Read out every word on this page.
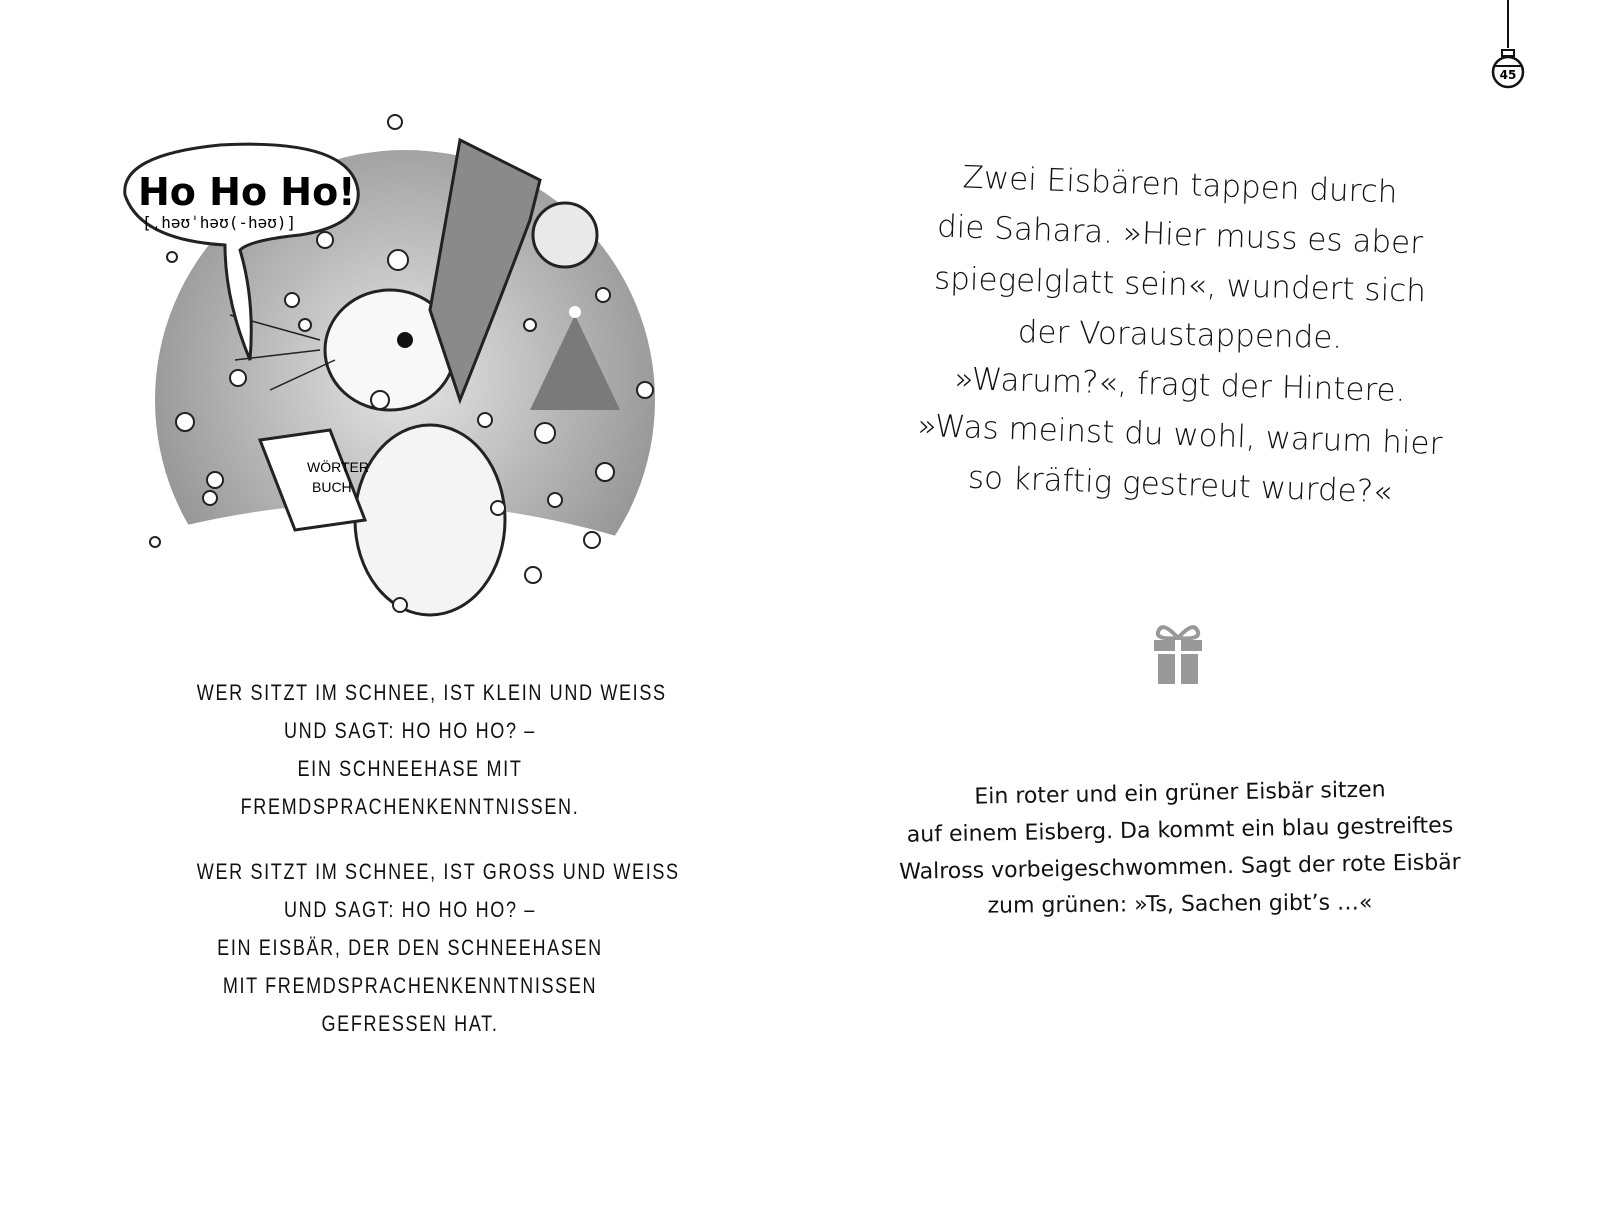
45
WÖRTER
BUCH
Ho Ho Ho!
[ˌhəʊˈhəʊ(-həʊ)]
WER SITZT IM SCHNEE, IST KLEIN UND WEISS
UND SAGT: HO HO HO? –
EIN SCHNEEHASE MIT
FREMDSPRACHENKENNTNISSEN.
WER SITZT IM SCHNEE, IST GROSS UND WEISS
UND SAGT: HO HO HO? –
EIN EISBÄR, DER DEN SCHNEEHASEN
MIT FREMDSPRACHENKENNTNISSEN
GEFRESSEN HAT.
Zwei Eisbären tappen durch
die Sahara. »Hier muss es aber
spiegelglatt sein«, wundert sich
der Voraustappende.
»Warum?«, fragt der Hintere.
»Was meinst du wohl, warum hier
so kräftig gestreut wurde?«
Ein roter und ein grüner Eisbär sitzen
auf einem Eisberg. Da kommt ein blau gestreiftes
Walross vorbeigeschwommen. Sagt der rote Eisbär
zum grünen: »Ts, Sachen gibt’s …«
